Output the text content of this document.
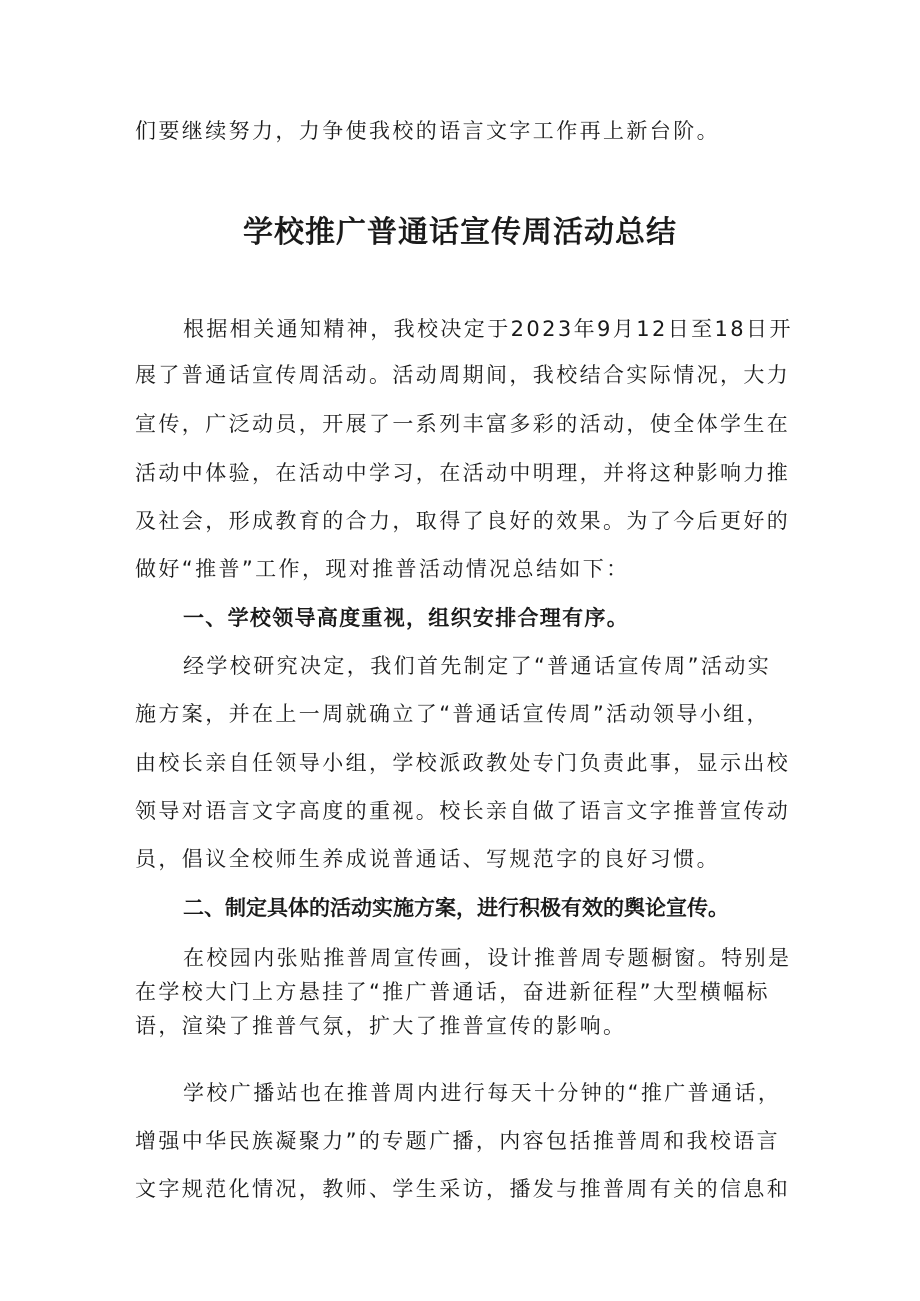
们要继续努力，力争使我校的语言文字工作再上新台阶。

学校推广普通话宣传周活动总结

根据相关通知精神，我校决定于2023年9月12日至18日开

展了普通话宣传周活动。活动周期间，我校结合实际情况，大力

宣传，广泛动员，开展了一系列丰富多彩的活动，使全体学生在

活动中体验，在活动中学习，在活动中明理，并将这种影响力推

及社会，形成教育的合力，取得了良好的效果。为了今后更好的

做好“推普”工作，现对推普活动情况总结如下：

一、学校领导高度重视，组织安排合理有序。

经学校研究决定，我们首先制定了“普通话宣传周”活动实

施方案，并在上一周就确立了“普通话宣传周”活动领导小组，

由校长亲自任领导小组，学校派政教处专门负责此事，显示出校

领导对语言文字高度的重视。校长亲自做了语言文字推普宣传动

员，倡议全校师生养成说普通话、写规范字的良好习惯。

二、制定具体的活动实施方案，进行积极有效的舆论宣传。

在校园内张贴推普周宣传画，设计推普周专题橱窗。特别是

在学校大门上方悬挂了“推广普通话，奋进新征程”大型横幅标

语，渲染了推普气氛，扩大了推普宣传的影响。

学校广播站也在推普周内进行每天十分钟的“推广普通话，

增强中华民族凝聚力”的专题广播，内容包括推普周和我校语言

文字规范化情况，教师、学生采访，播发与推普周有关的信息和
